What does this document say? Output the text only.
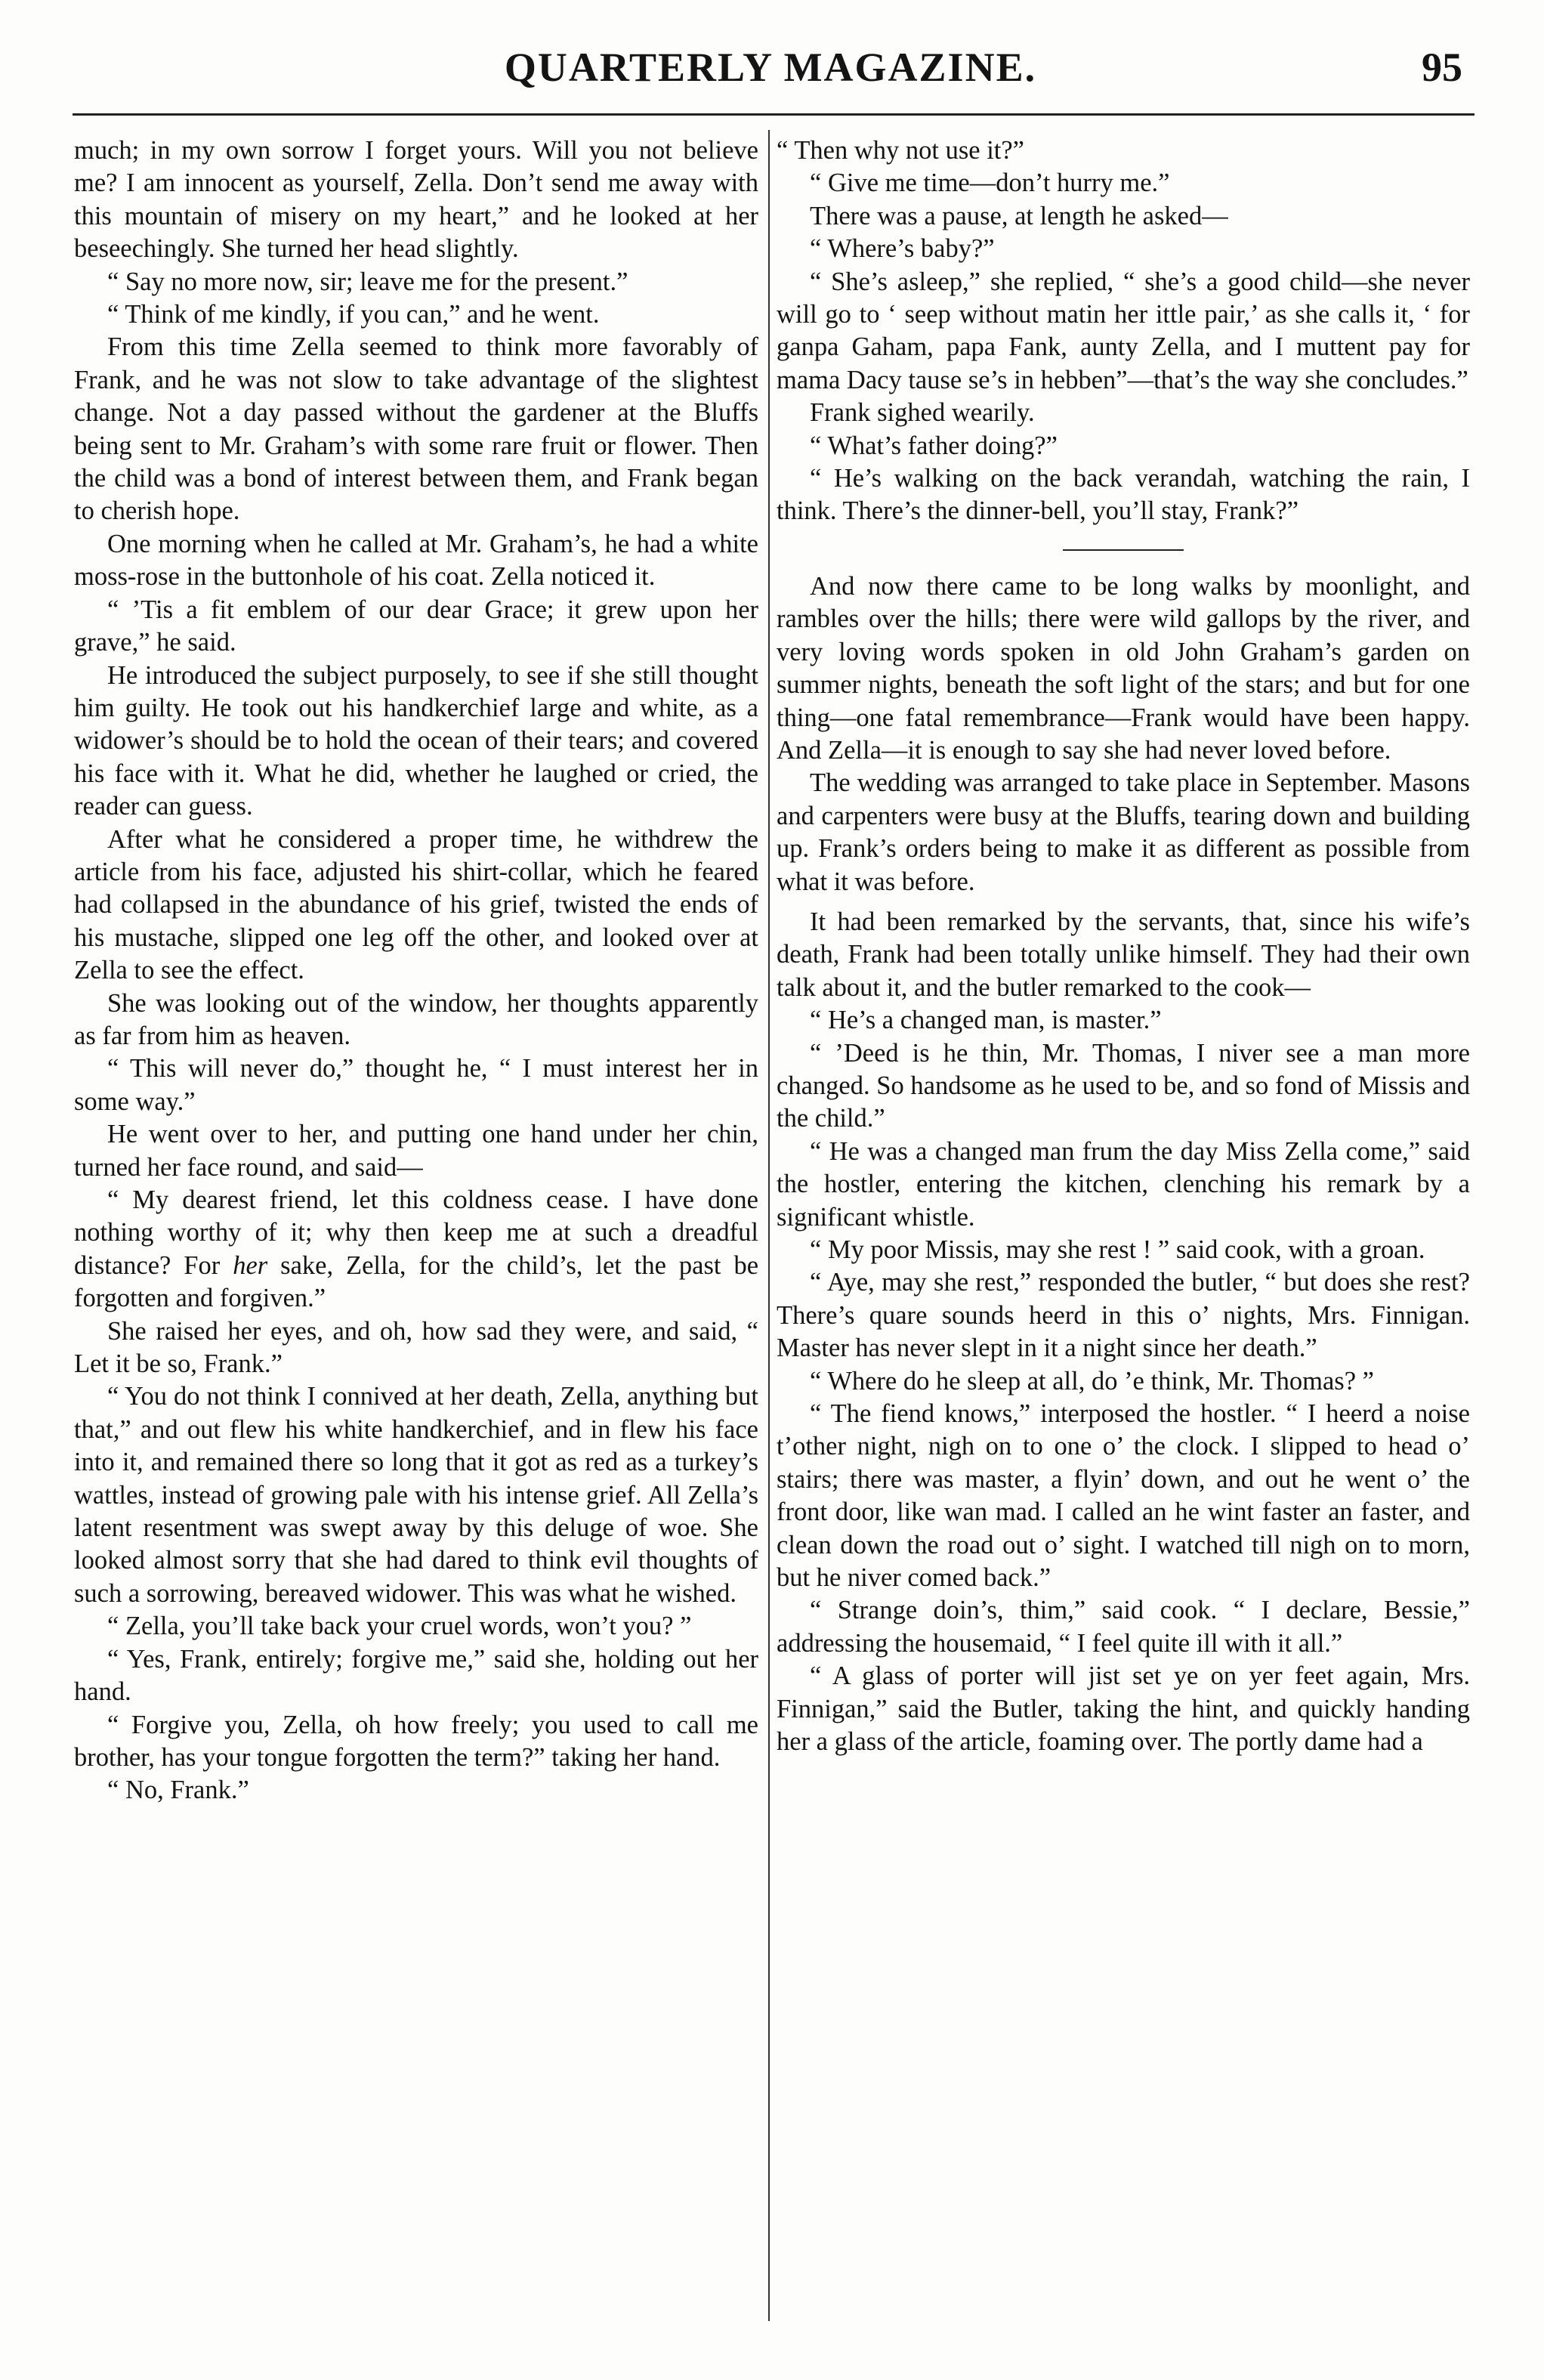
QUARTERLY MAGAZINE.	95

much; in my own sorrow I forget yours. Will you not believe me? I am innocent as yourself, Zella. Don’t send me away with this mountain of misery on my heart,” and he looked at her beseechingly. She turned her head slightly.

“ Say no more now, sir; leave me for the present.”

“ Think of me kindly, if you can,” and he went.

From this time Zella seemed to think more favorably of Frank, and he was not slow to take advantage of the slightest change. Not a day passed without the gardener at the Bluffs being sent to Mr. Graham’s with some rare fruit or flower. Then the child was a bond of interest between them, and Frank began to cherish hope.

One morning when he called at Mr. Graham’s, he had a white moss-rose in the buttonhole of his coat. Zella noticed it.

“ ’Tis a fit emblem of our dear Grace; it grew upon her grave,” he said.

He introduced the subject purposely, to see if she still thought him guilty. He took out his handkerchief large and white, as a widower’s should be to hold the ocean of their tears; and covered his face with it. What he did, whether he laughed or cried, the reader can guess.

After what he considered a proper time, he withdrew the article from his face, adjusted his shirt-collar, which he feared had collapsed in the abundance of his grief, twisted the ends of his mustache, slipped one leg off the other, and looked over at Zella to see the effect.

She was looking out of the window, her thoughts apparently as far from him as heaven.

“ This will never do,” thought he, “ I must interest her in some way.”

He went over to her, and putting one hand under her chin, turned her face round, and said—

“ My dearest friend, let this coldness cease. I have done nothing worthy of it; why then keep me at such a dreadful distance? For her sake, Zella, for the child’s, let the past be forgotten and forgiven.”

She raised her eyes, and oh, how sad they were, and said, “ Let it be so, Frank.”

“ You do not think I connived at her death, Zella, anything but that,” and out flew his white handkerchief, and in flew his face into it, and remained there so long that it got as red as a turkey’s wattles, instead of growing pale with his intense grief. All Zella’s latent resentment was swept away by this deluge of woe. She looked almost sorry that she had dared to think evil thoughts of such a sorrowing, bereaved widower. This was what he wished.

“ Zella, you’ll take back your cruel words, won’t you? ”

“ Yes, Frank, entirely; forgive me,” said she, holding out her hand.

“ Forgive you, Zella, oh how freely; you used to call me brother, has your tongue forgotten the term?” taking her hand.

“ No, Frank.”

“ Then why not use it?”

“ Give me time—don’t hurry me.”

There was a pause, at length he asked—

“ Where’s baby?”

“ She’s asleep,” she replied, “ she’s a good child—she never will go to ‘ seep without matin her ittle pair,’ as she calls it, ‘ for ganpa Gaham, papa Fank, aunty Zella, and I muttent pay for mama Dacy tause se’s in hebben”—that’s the way she concludes.”

Frank sighed wearily.

“ What’s father doing?”

“ He’s walking on the back verandah, watching the rain, I think. There’s the dinner-bell, you’ll stay, Frank?”

And now there came to be long walks by moonlight, and rambles over the hills; there were wild gallops by the river, and very loving words spoken in old John Graham’s garden on summer nights, beneath the soft light of the stars; and but for one thing—one fatal remembrance—Frank would have been happy. And Zella—it is enough to say she had never loved before.

The wedding was arranged to take place in September. Masons and carpenters were busy at the Bluffs, tearing down and building up. Frank’s orders being to make it as different as possible from what it was before.

It had been remarked by the servants, that, since his wife’s death, Frank had been totally unlike himself. They had their own talk about it, and the butler remarked to the cook—

“ He’s a changed man, is master.”

“ ’Deed is he thin, Mr. Thomas, I niver see a man more changed. So handsome as he used to be, and so fond of Missis and the child.”

“ He was a changed man frum the day Miss Zella come,” said the hostler, entering the kitchen, clenching his remark by a significant whistle.

“ My poor Missis, may she rest ! ” said cook, with a groan.

“ Aye, may she rest,” responded the butler, “ but does she rest? There’s quare sounds heerd in this o’ nights, Mrs. Finnigan. Master has never slept in it a night since her death.”

“ Where do he sleep at all, do ’e think, Mr. Thomas? ”

“ The fiend knows,” interposed the hostler. “ I heerd a noise t’other night, nigh on to one o’ the clock. I slipped to head o’ stairs; there was master, a flyin’ down, and out he went o’ the front door, like wan mad. I called an he wint faster an faster, and clean down the road out o’ sight. I watched till nigh on to morn, but he niver comed back.”

“ Strange doin’s, thim,” said cook. “ I declare, Bessie,” addressing the housemaid, “ I feel quite ill with it all.”

“ A glass of porter will jist set ye on yer feet again, Mrs. Finnigan,” said the Butler, taking the hint, and quickly handing her a glass of the article, foaming over. The portly dame had a
